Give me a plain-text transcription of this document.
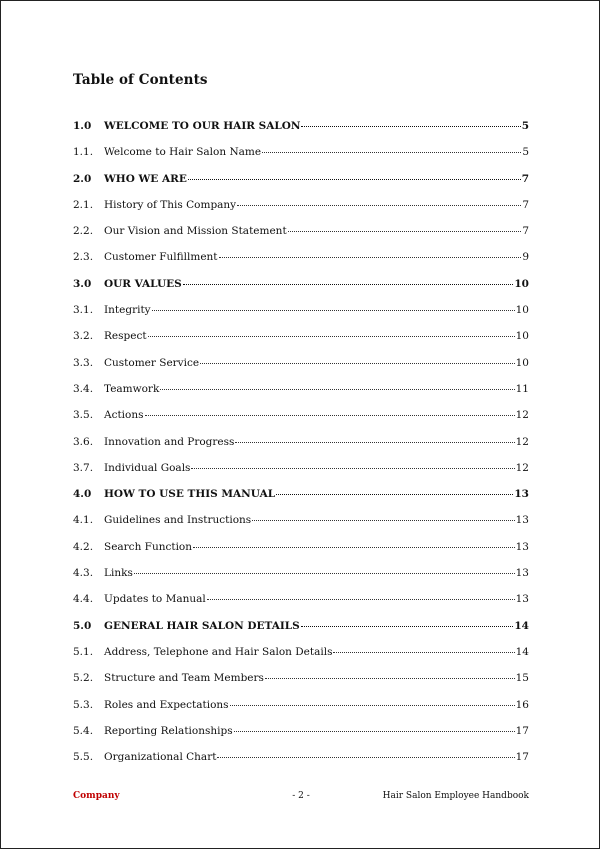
Table of Contents
1.0	WELCOME TO OUR HAIR SALON	5
1.1.	Welcome to Hair Salon Name	5
2.0	WHO WE ARE	7
2.1.	History of This Company	7
2.2.	Our Vision and Mission Statement	7
2.3.	Customer Fulfillment	9
3.0	OUR VALUES	10
3.1.	Integrity	10
3.2.	Respect	10
3.3.	Customer Service	10
3.4.	Teamwork	11
3.5.	Actions	12
3.6.	Innovation and Progress	12
3.7.	Individual Goals	12
4.0	HOW TO USE THIS MANUAL	13
4.1.	Guidelines and Instructions	13
4.2.	Search Function	13
4.3.	Links	13
4.4.	Updates to Manual	13
5.0	GENERAL HAIR SALON DETAILS	14
5.1.	Address, Telephone and Hair Salon Details	14
5.2.	Structure and Team Members	15
5.3.	Roles and Expectations	16
5.4.	Reporting Relationships	17
5.5.	Organizational Chart	17
Company	- 2 -	Hair Salon Employee Handbook
